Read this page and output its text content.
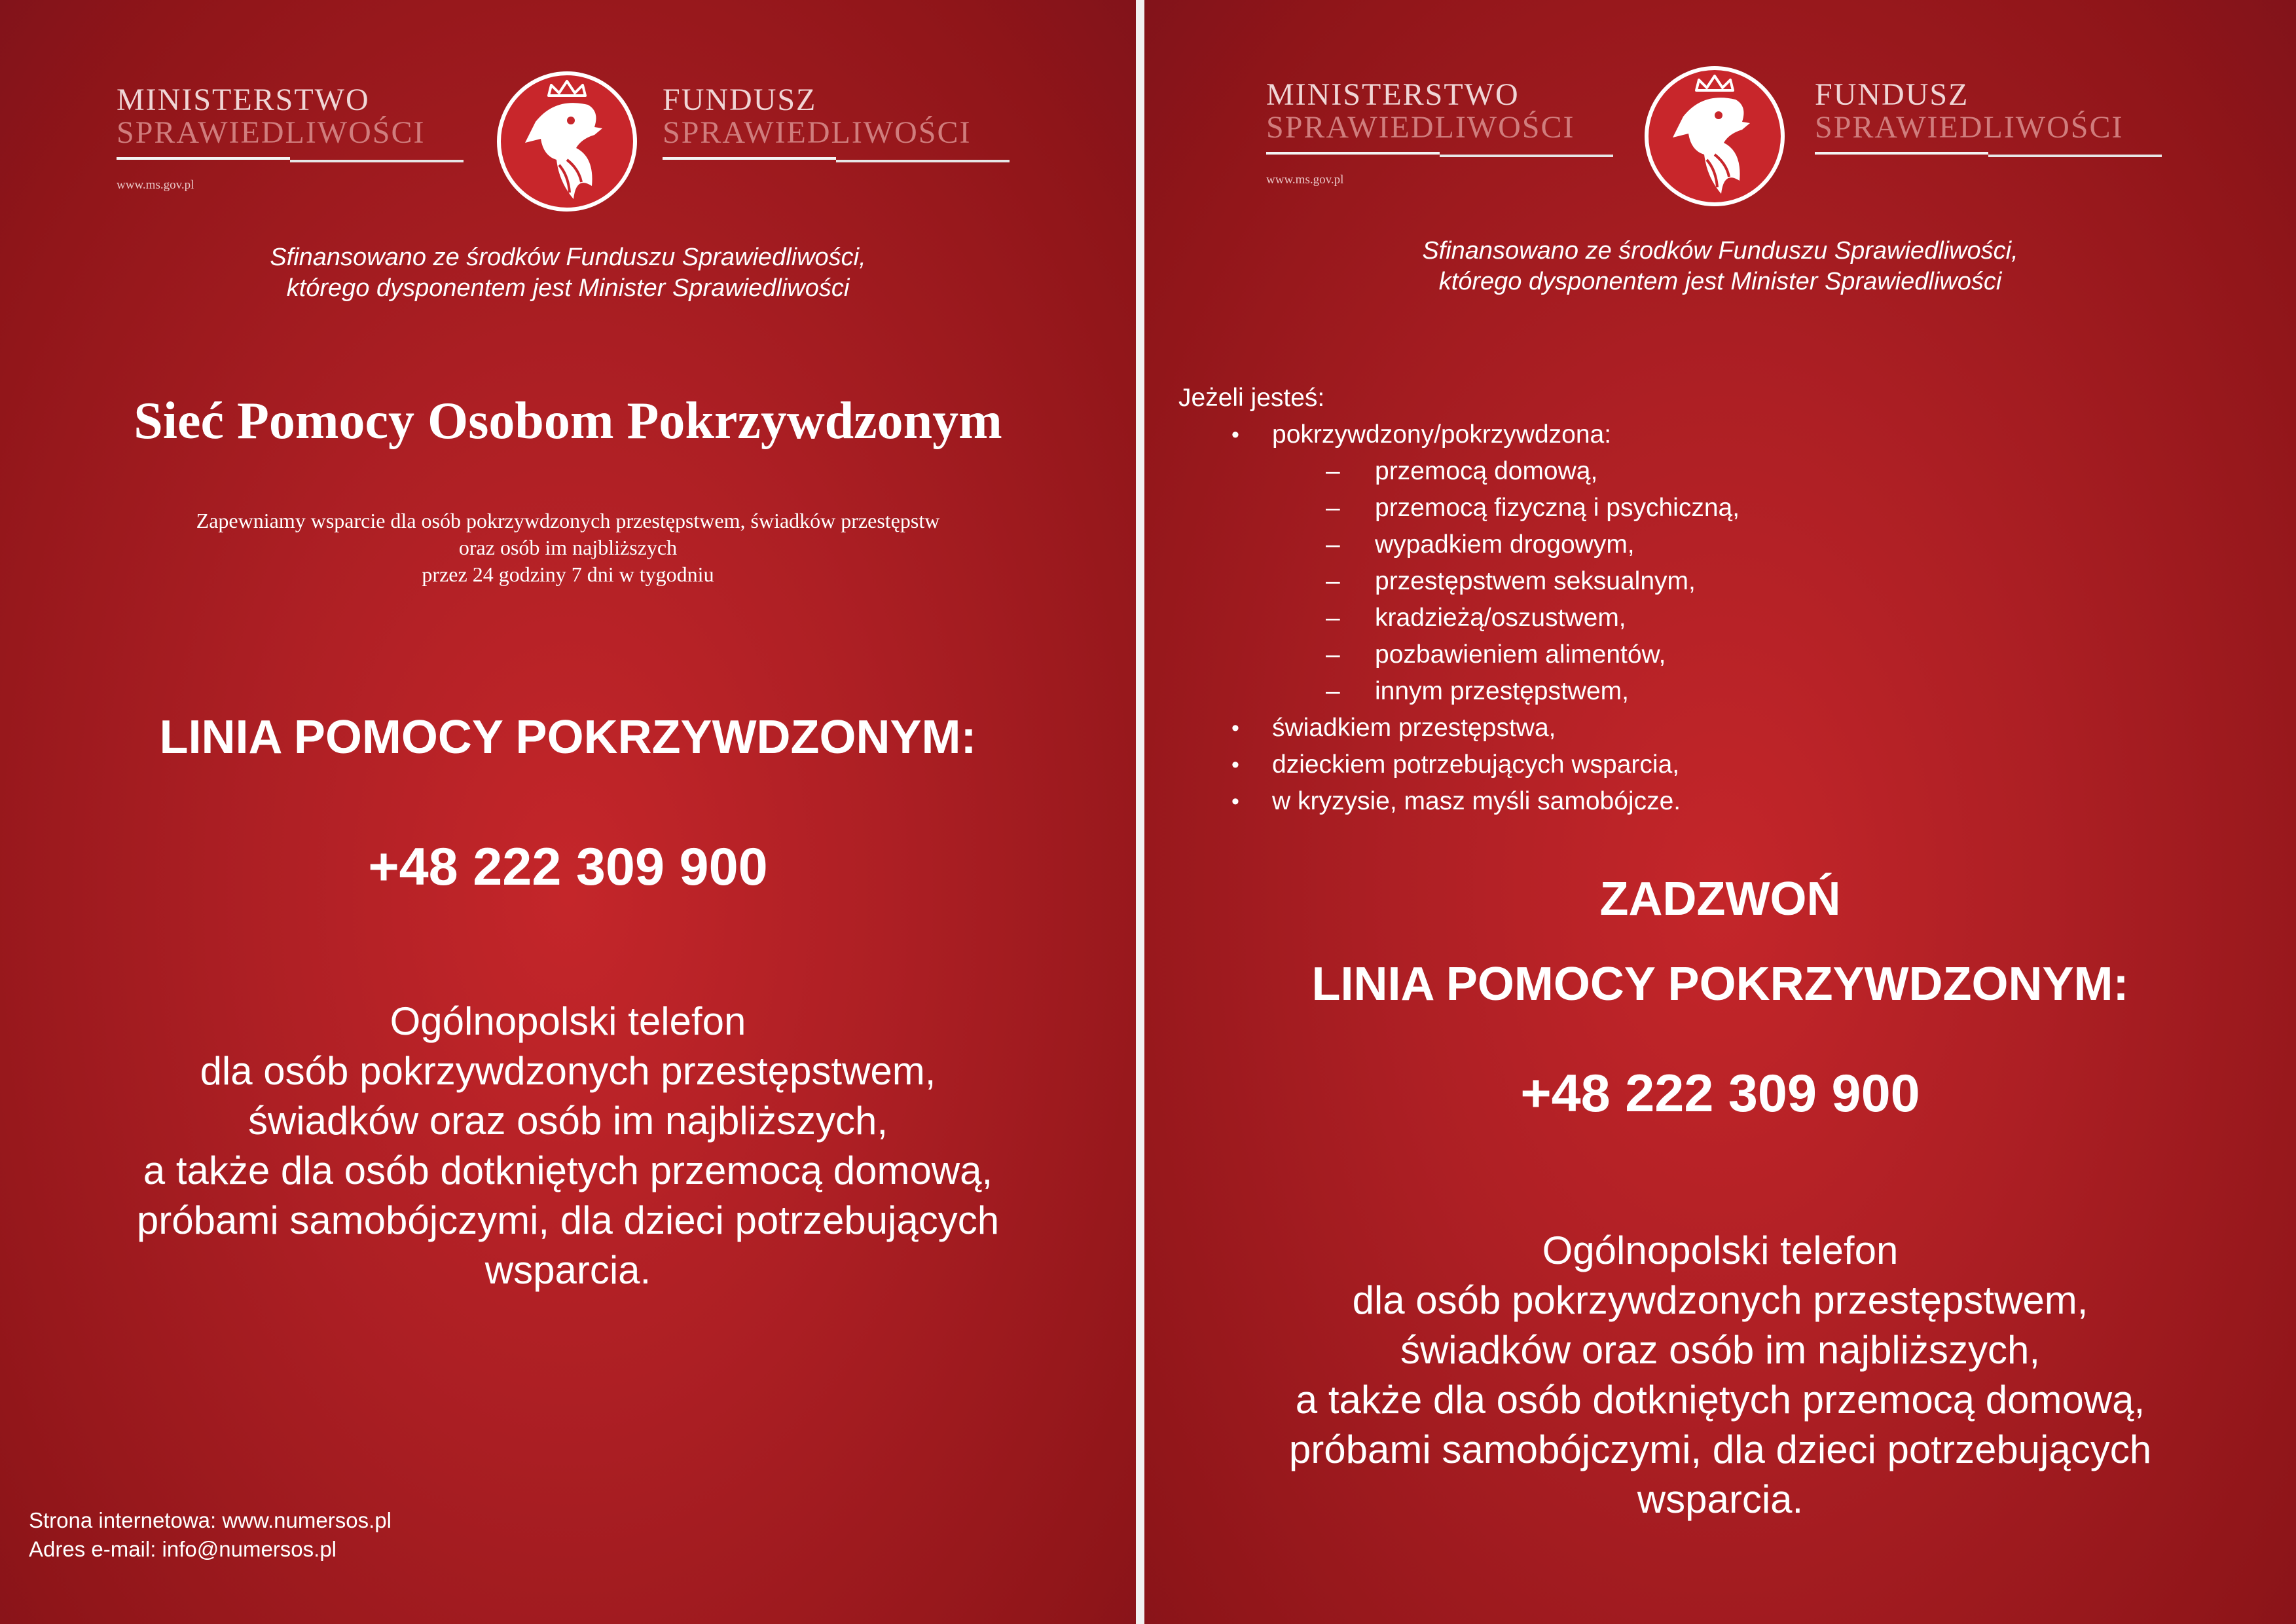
MINISTERSTWO
SPRAWIEDLIWOŚCI
www.ms.gov.pl
FUNDUSZ
SPRAWIEDLIWOŚCI
Sfinansowano ze środków Funduszu Sprawiedliwości,
którego dysponentem jest Minister Sprawiedliwości
Sieć Pomocy Osobom Pokrzywdzonym
Zapewniamy wsparcie dla osób pokrzywdzonych przestępstwem, świadków przestępstw
oraz osób im najbliższych
przez 24 godziny 7 dni w tygodniu
LINIA POMOCY POKRZYWDZONYM:
+48 222 309 900
Ogólnopolski telefon
dla osób pokrzywdzonych przestępstwem,
świadków oraz osób im najbliższych,
a także dla osób dotkniętych przemocą domową,
próbami samobójczymi, dla dzieci potrzebujących
wsparcia.
Strona internetowa: www.numersos.pl
Adres e-mail: info@numersos.pl
MINISTERSTWO
SPRAWIEDLIWOŚCI
www.ms.gov.pl
FUNDUSZ
SPRAWIEDLIWOŚCI
Sfinansowano ze środków Funduszu Sprawiedliwości,
którego dysponentem jest Minister Sprawiedliwości
Jeżeli jesteś:
•	pokrzywdzony/pokrzywdzona:
–	przemocą domową,
–	przemocą fizyczną i psychiczną,
–	wypadkiem drogowym,
–	przestępstwem seksualnym,
–	kradzieżą/oszustwem,
–	pozbawieniem alimentów,
–	innym przestępstwem,
•	świadkiem przestępstwa,
•	dzieckiem potrzebujących wsparcia,
•	w kryzysie, masz myśli samobójcze.
ZADZWOŃ
LINIA POMOCY POKRZYWDZONYM:
+48 222 309 900
Ogólnopolski telefon
dla osób pokrzywdzonych przestępstwem,
świadków oraz osób im najbliższych,
a także dla osób dotkniętych przemocą domową,
próbami samobójczymi, dla dzieci potrzebujących
wsparcia.
